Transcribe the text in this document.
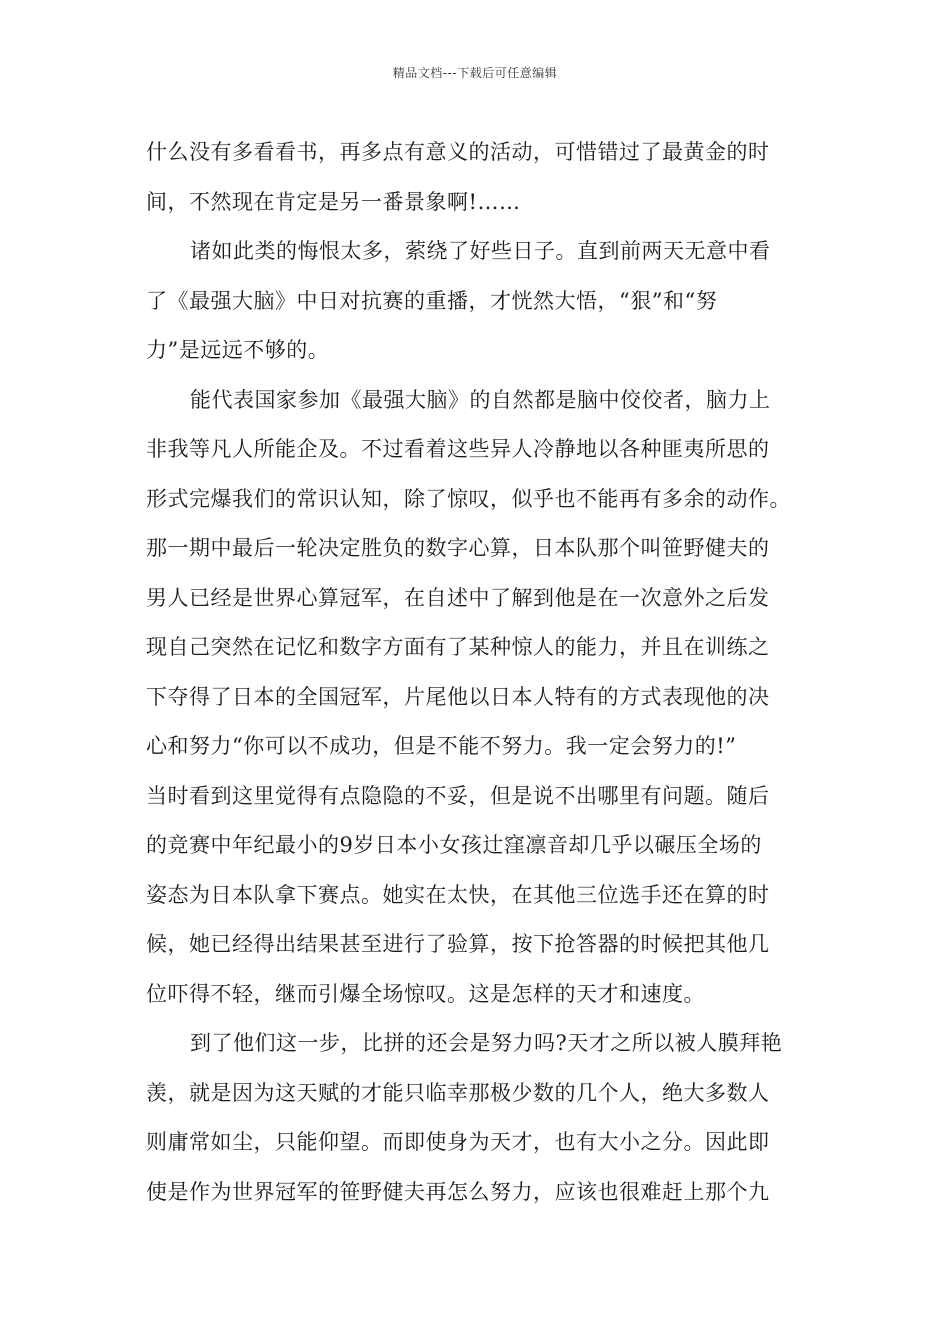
精品文档---下载后可任意编辑
什么没有多看看书，再多点有意义的活动，可惜错过了最黄金的时
间，不然现在肯定是另一番景象啊!……
诸如此类的悔恨太多，萦绕了好些日子。直到前两天无意中看
了《最强大脑》中日对抗赛的重播，才恍然大悟，“狠”和“努
力”是远远不够的。
能代表国家参加《最强大脑》的自然都是脑中佼佼者，脑力上
非我等凡人所能企及。不过看着这些异人冷静地以各种匪夷所思的
形式完爆我们的常识认知，除了惊叹，似乎也不能再有多余的动作。
那一期中最后一轮决定胜负的数字心算，日本队那个叫笹野健夫的
男人已经是世界心算冠军，在自述中了解到他是在一次意外之后发
现自己突然在记忆和数字方面有了某种惊人的能力，并且在训练之
下夺得了日本的全国冠军，片尾他以日本人特有的方式表现他的决
心和努力“你可以不成功，但是不能不努力。我一定会努力的!”
当时看到这里觉得有点隐隐的不妥，但是说不出哪里有问题。随后
的竞赛中年纪最小的9岁日本小女孩辻窪凛音却几乎以碾压全场的
姿态为日本队拿下赛点。她实在太快，在其他三位选手还在算的时
候，她已经得出结果甚至进行了验算，按下抢答器的时候把其他几
位吓得不轻，继而引爆全场惊叹。这是怎样的天才和速度。
到了他们这一步，比拼的还会是努力吗?天才之所以被人膜拜艳
羡，就是因为这天赋的才能只临幸那极少数的几个人，绝大多数人
则庸常如尘，只能仰望。而即使身为天才，也有大小之分。因此即
使是作为世界冠军的笹野健夫再怎么努力，应该也很难赶上那个九
